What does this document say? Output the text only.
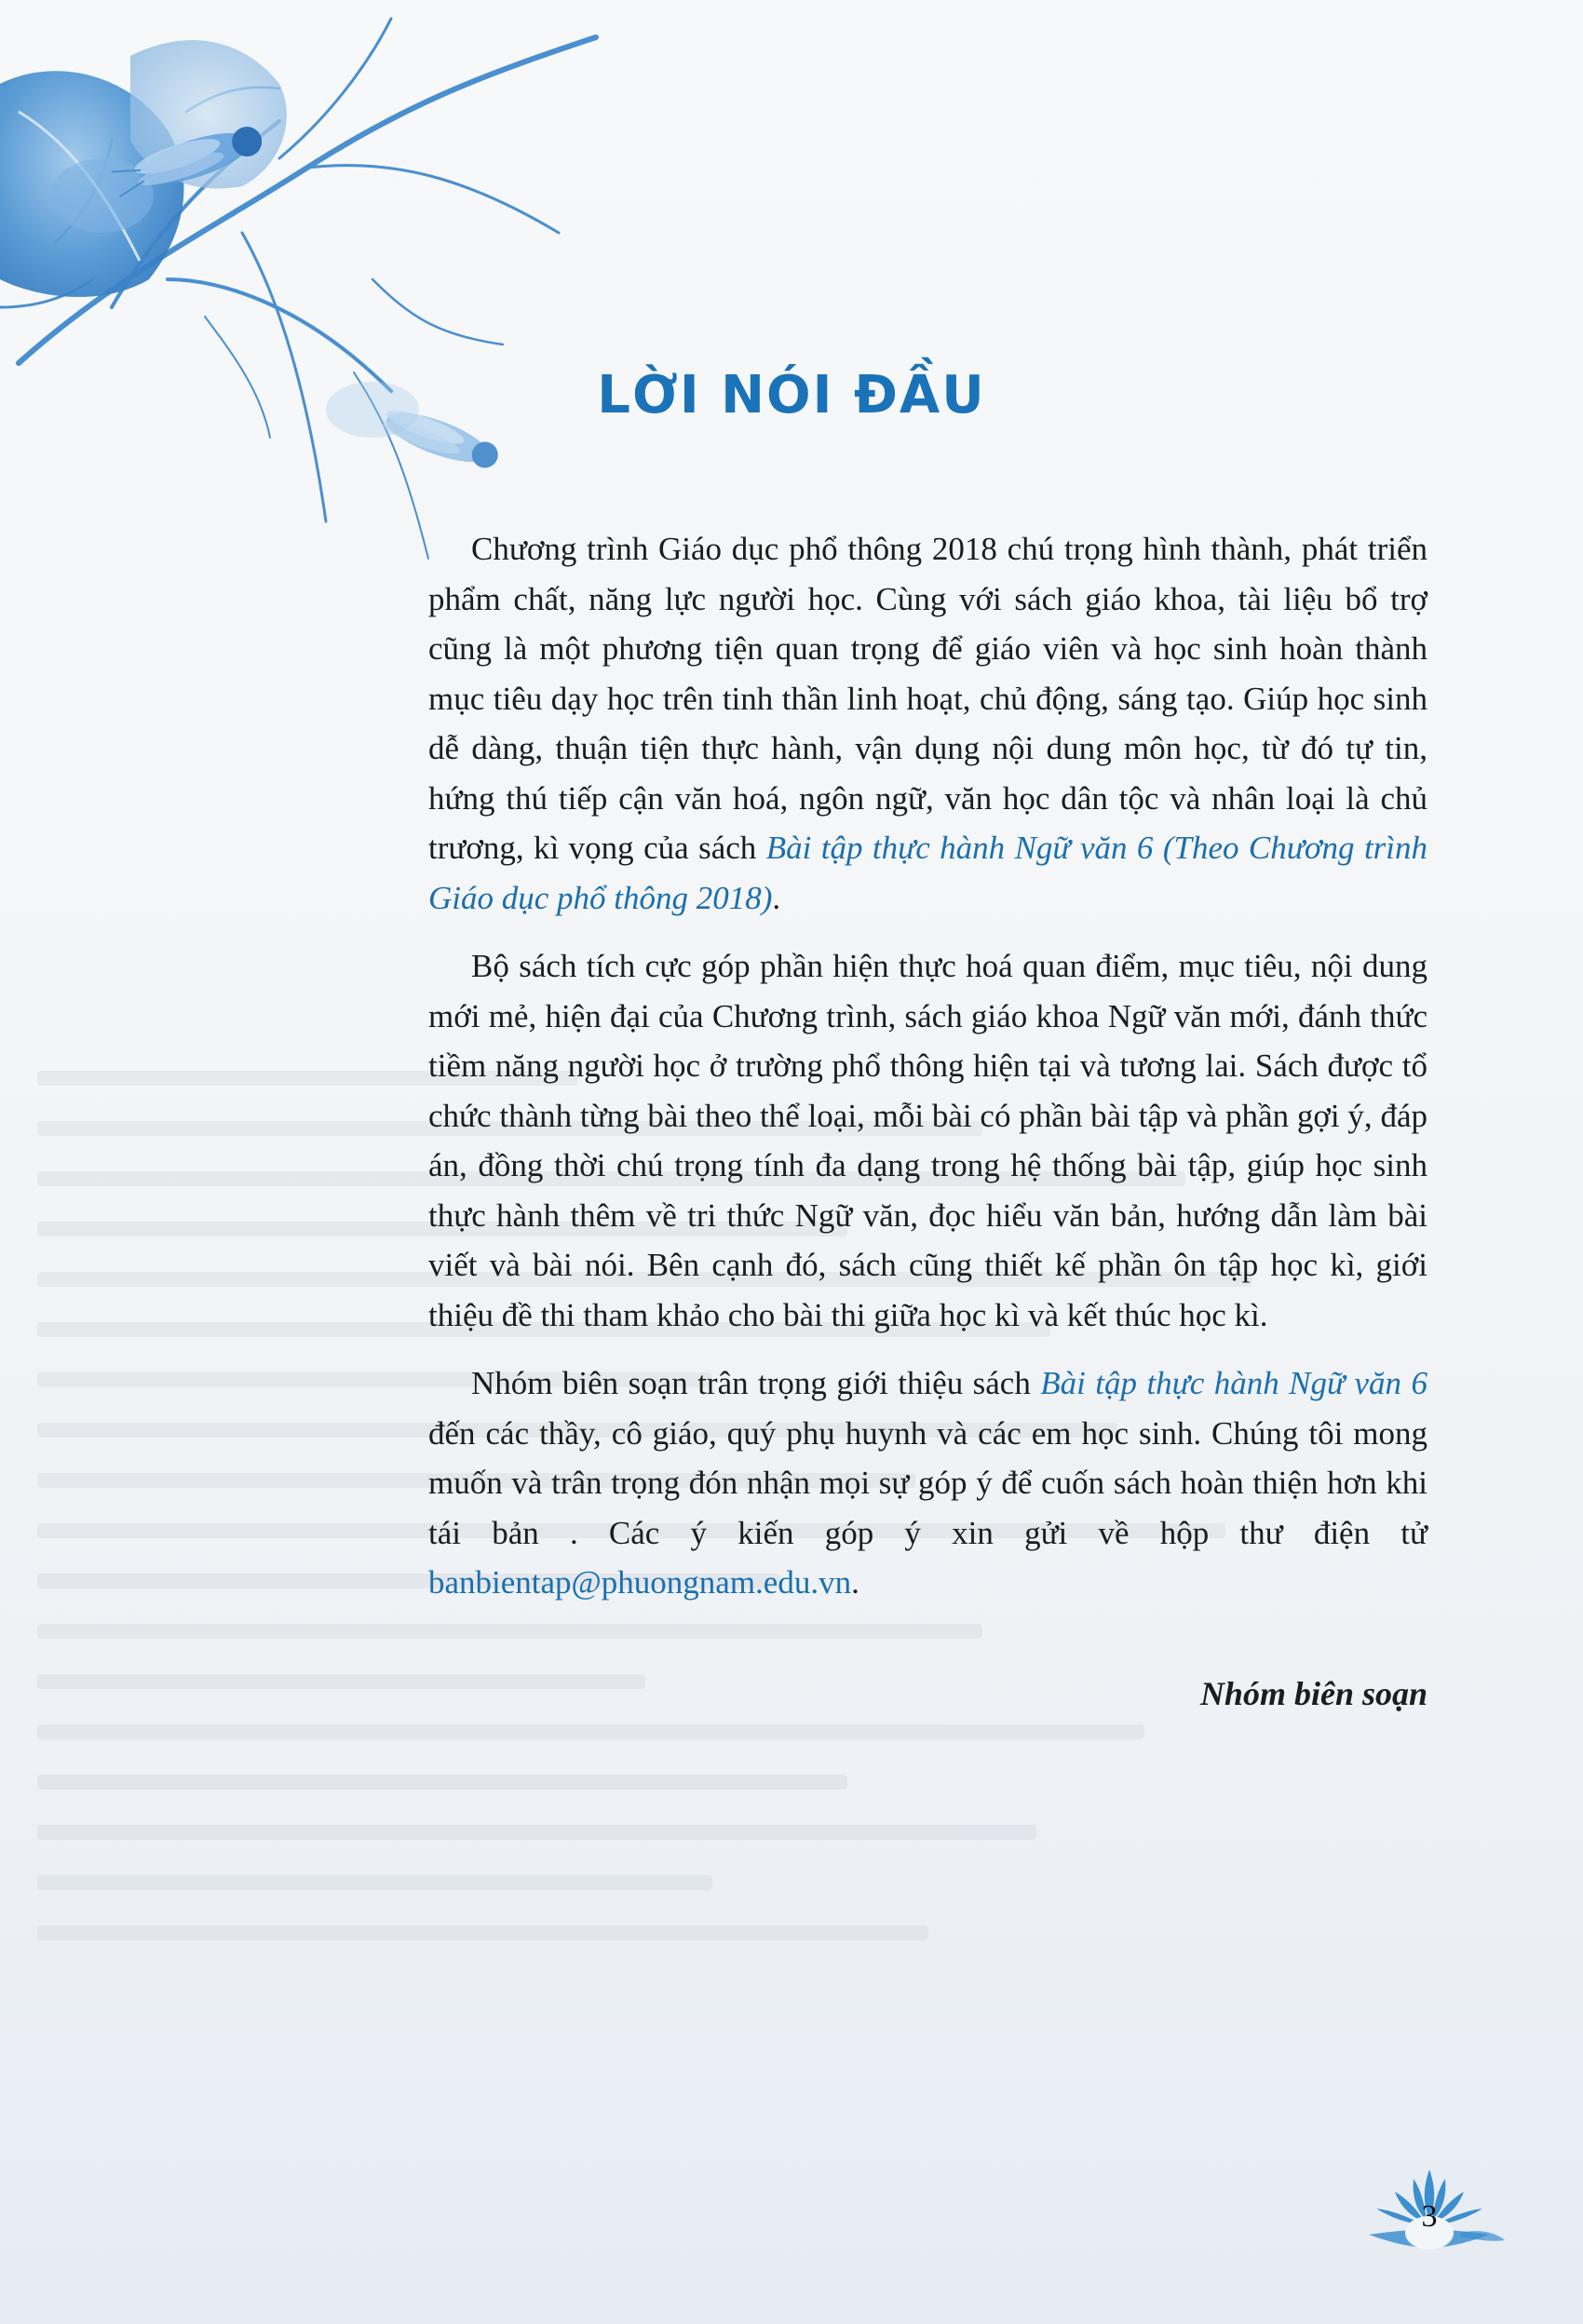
LỜI NÓI ĐẦU

Chương trình Giáo dục phổ thông 2018 chú trọng hình thành, phát triển phẩm chất, năng lực người học. Cùng với sách giáo khoa, tài liệu bổ trợ cũng là một phương tiện quan trọng để giáo viên và học sinh hoàn thành mục tiêu dạy học trên tinh thần linh hoạt, chủ động, sáng tạo. Giúp học sinh dễ dàng, thuận tiện thực hành, vận dụng nội dung môn học, từ đó tự tin, hứng thú tiếp cận văn hoá, ngôn ngữ, văn học dân tộc và nhân loại là chủ trương, kì vọng của sách Bài tập thực hành Ngữ văn 6 (Theo Chương trình Giáo dục phổ thông 2018).

Bộ sách tích cực góp phần hiện thực hoá quan điểm, mục tiêu, nội dung mới mẻ, hiện đại của Chương trình, sách giáo khoa Ngữ văn mới, đánh thức tiềm năng người học ở trường phổ thông hiện tại và tương lai. Sách được tổ chức thành từng bài theo thể loại, mỗi bài có phần bài tập và phần gợi ý, đáp án, đồng thời chú trọng tính đa dạng trong hệ thống bài tập, giúp học sinh thực hành thêm về tri thức Ngữ văn, đọc hiểu văn bản, hướng dẫn làm bài viết và bài nói. Bên cạnh đó, sách cũng thiết kế phần ôn tập học kì, giới thiệu đề thi tham khảo cho bài thi giữa học kì và kết thúc học kì.

Nhóm biên soạn trân trọng giới thiệu sách Bài tập thực hành Ngữ văn 6 đến các thầy, cô giáo, quý phụ huynh và các em học sinh. Chúng tôi mong muốn và trân trọng đón nhận mọi sự góp ý để cuốn sách hoàn thiện hơn khi tái bản . Các ý kiến góp ý xin gửi về hộp thư điện tử banbientap@phuongnam.edu.vn.

Nhóm biên soạn
3
